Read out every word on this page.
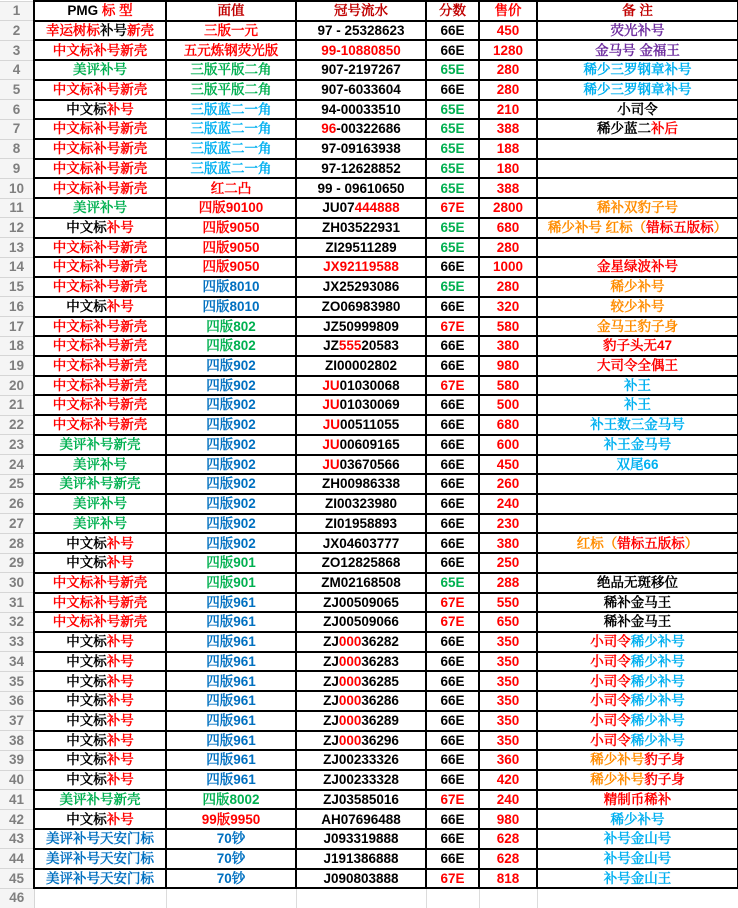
1	PMG 标 型	面值	冠号流水	分数	售价	备 注
2	幸运树标补号新壳	三版一元	97 - 25328623	66E	450	荧光补号
3	中文标补号新壳	五元炼钢荧光版	99-10880850	66E	1280	金马号 金福王
4	美评补号	三版平版二角	907-2197267	65E	280	稀少三罗钢章补号
5	中文标补号新壳	三版平版二角	907-6033604	66E	280	稀少三罗钢章补号
6	中文标补号	三版蓝二一角	94-00033510	65E	210	小司令
7	中文标补号新壳	三版蓝二一角	96-00322686	65E	388	稀少蓝二补后
8	中文标补号新壳	三版蓝二一角	97-09163938	65E	188	
9	中文标补号新壳	三版蓝二一角	97-12628852	65E	180	
10	中文标补号新壳	红二凸	99 - 09610650	65E	388	
11	美评补号	四版90100	JU07444888	67E	2800	稀补双豹子号
12	中文标补号	四版9050	ZH03522931	65E	680	稀少补号 红标（错标五版标）
13	中文标补号新壳	四版9050	ZI29511289	65E	280	
14	中文标补号新壳	四版9050	JX92119588	66E	1000	金星绿波补号
15	中文标补号新壳	四版8010	JX25293086	65E	280	稀少补号
16	中文标补号	四版8010	ZO06983980	66E	320	较少补号
17	中文标补号新壳	四版802	JZ50999809	67E	580	金马王豹子身
18	中文标补号新壳	四版802	JZ55520583	66E	380	豹子头无47
19	中文标补号新壳	四版902	ZI00002802	66E	980	大司令全偶王
20	中文标补号新壳	四版902	JU01030068	67E	580	补王
21	中文标补号新壳	四版902	JU01030069	66E	500	补王
22	中文标补号新壳	四版902	JU00511055	66E	680	补王数三金马号
23	美评补号新壳	四版902	JU00609165	66E	600	补王金马号
24	美评补号	四版902	JU03670566	66E	450	双尾66
25	美评补号新壳	四版902	ZH00986338	66E	260	
26	美评补号	四版902	ZI00323980	66E	240	
27	美评补号	四版902	ZI01958893	66E	230	
28	中文标补号	四版902	JX04603777	66E	380	红标（错标五版标）
29	中文标补号	四版901	ZO12825868	66E	250	
30	中文标补号新壳	四版901	ZM02168508	65E	288	绝品无斑移位
31	中文标补号新壳	四版961	ZJ00509065	67E	550	稀补金马王
32	中文标补号新壳	四版961	ZJ00509066	67E	650	稀补金马王
33	中文标补号	四版961	ZJ00036282	66E	350	小司令稀少补号
34	中文标补号	四版961	ZJ00036283	66E	350	小司令稀少补号
35	中文标补号	四版961	ZJ00036285	66E	350	小司令稀少补号
36	中文标补号	四版961	ZJ00036286	66E	350	小司令稀少补号
37	中文标补号	四版961	ZJ00036289	66E	350	小司令稀少补号
38	中文标补号	四版961	ZJ00036296	66E	350	小司令稀少补号
39	中文标补号	四版961	ZJ00233326	66E	360	稀少补号豹子身
40	中文标补号	四版961	ZJ00233328	66E	420	稀少补号豹子身
41	美评补号新壳	四版8002	ZJ03585016	67E	240	精制币稀补
42	中文标补号	99版9950	AH07696488	66E	980	稀少补号
43	美评补号天安门标	70钞	J093319888	66E	628	补号金山号
44	美评补号天安门标	70钞	J191386888	66E	628	补号金山号
45	美评补号天安门标	70钞	J090803888	67E	818	补号金山王
46						
